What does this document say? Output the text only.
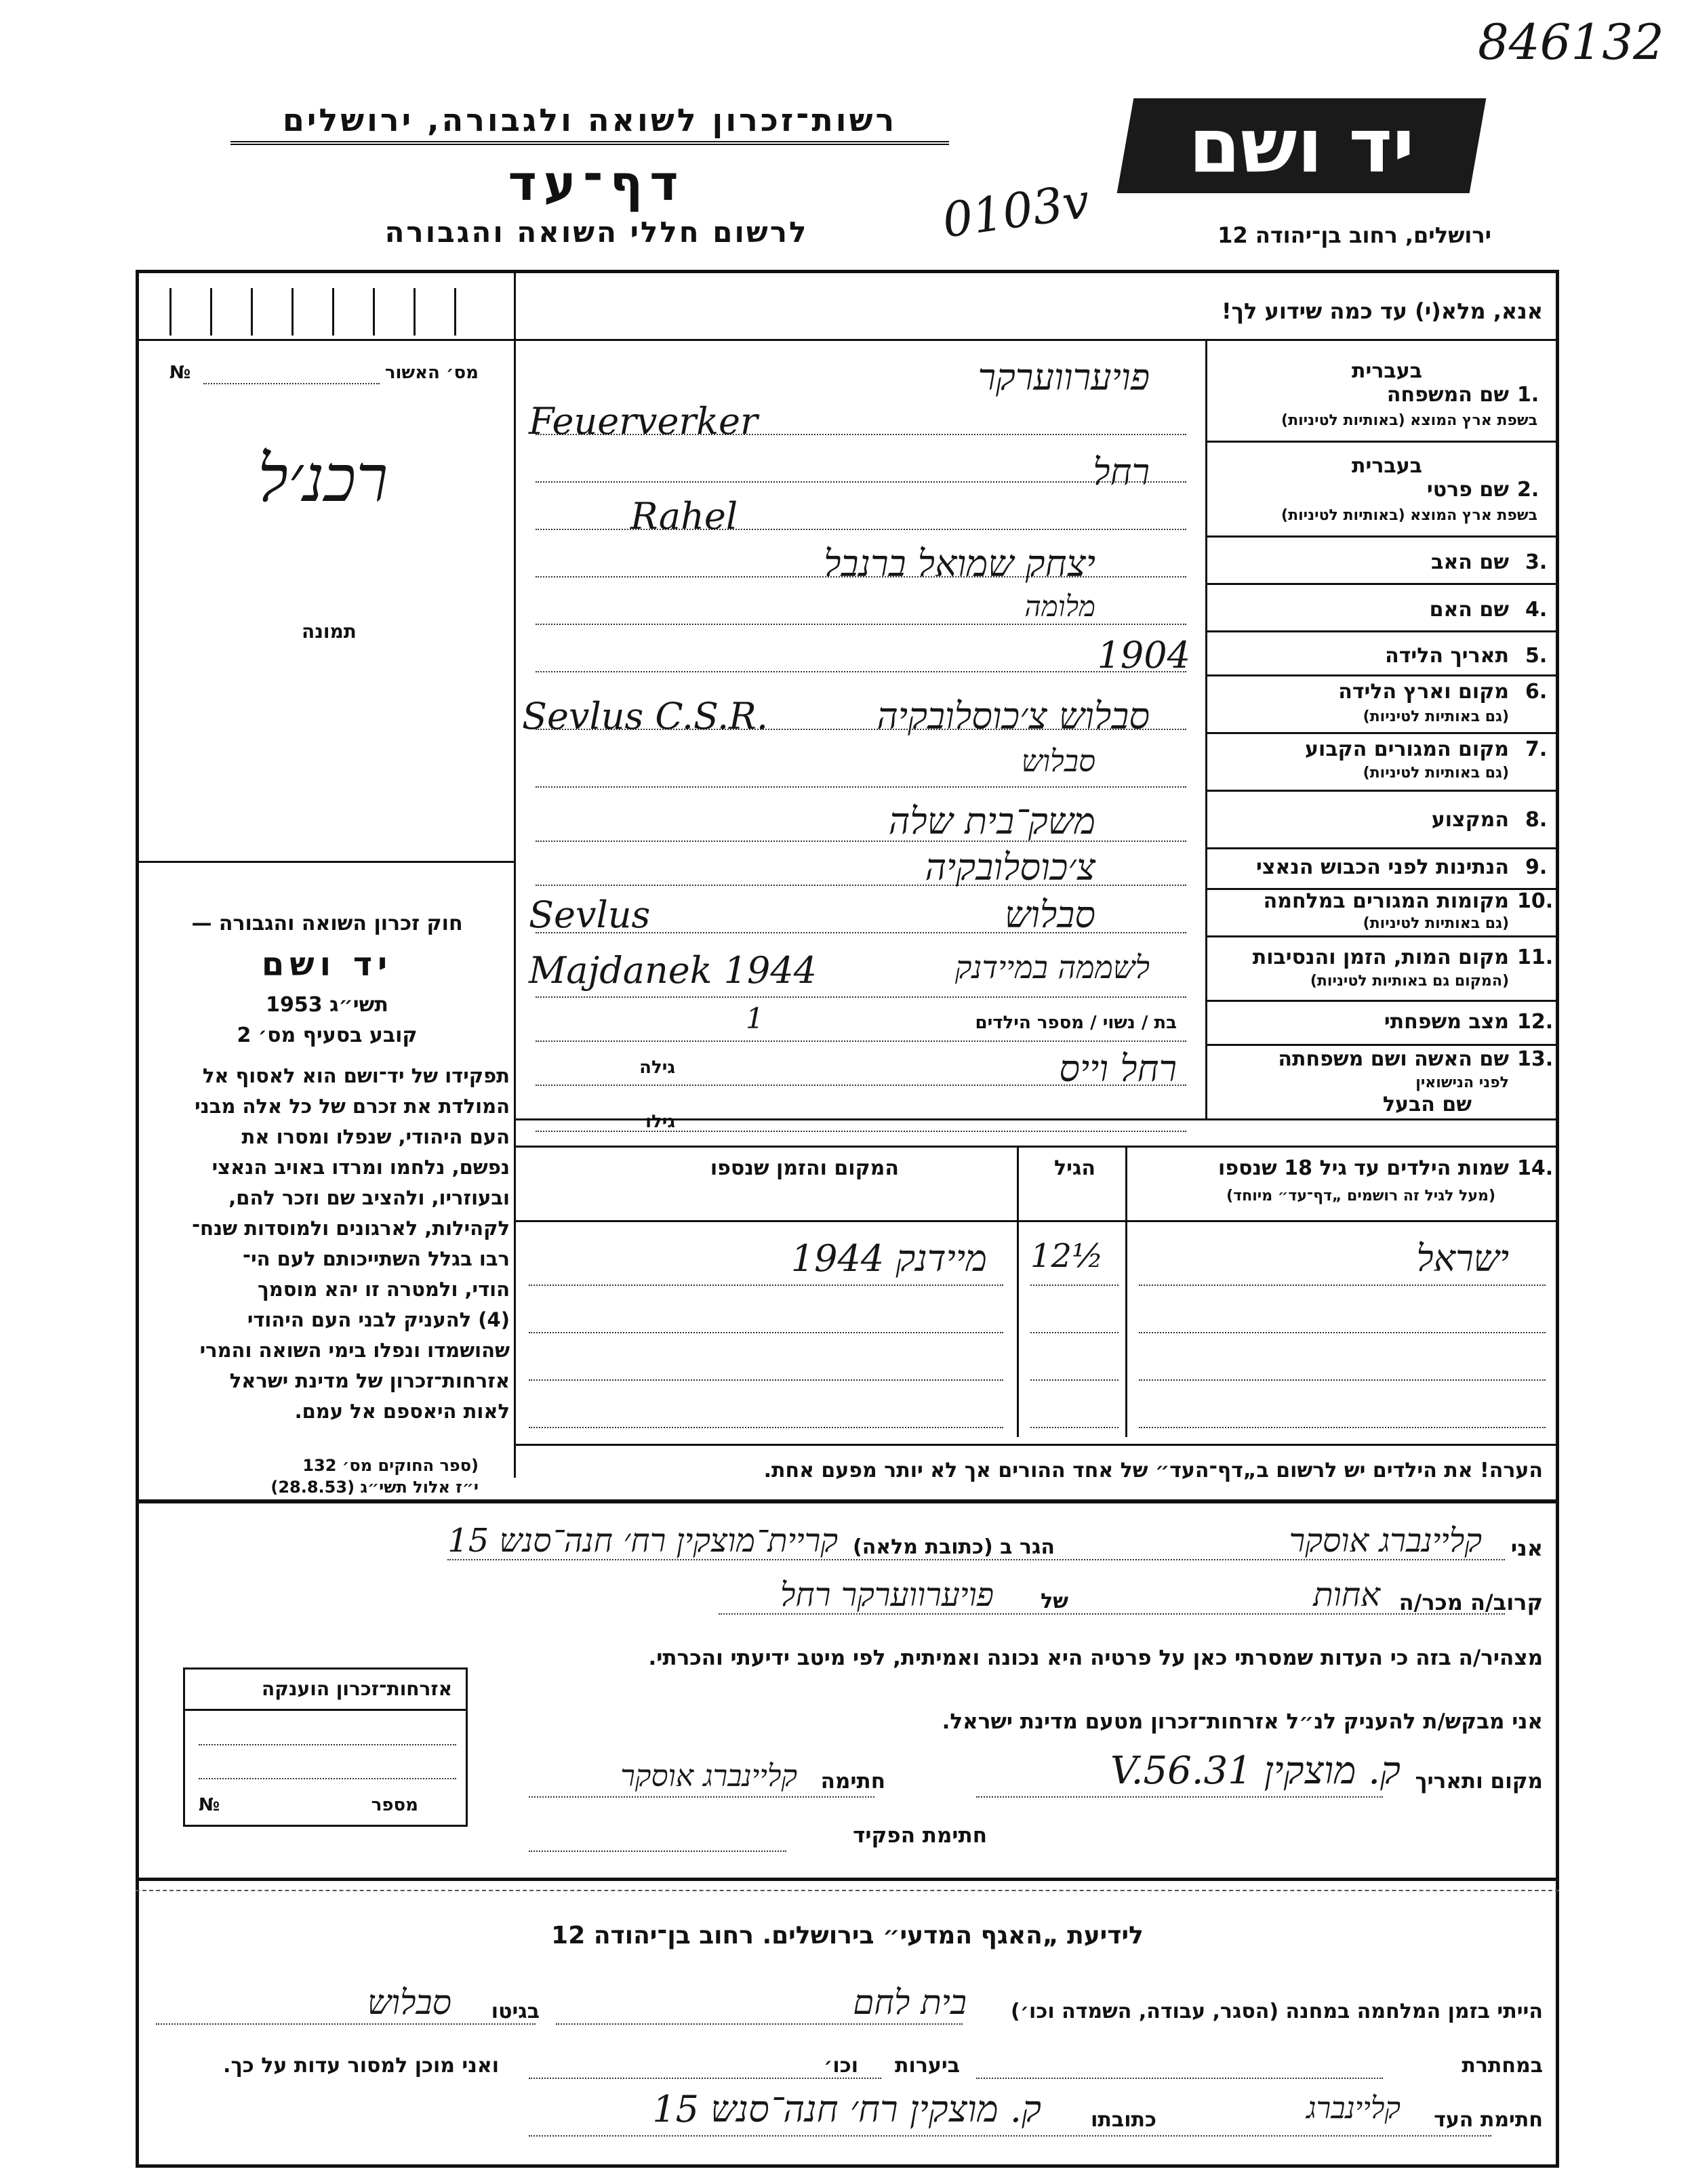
846132
רשות־זכרון לשואה ולגבורה, ירושלים
דף־עד
לרשום חללי השואה והגבורה	0103v
יד ושם
ירושלים, רחוב בן־יהודה 12
אנא, מלא(י) עד כמה שידוע לך!
מס׳ האשור
№
רכנ׳ל
תמונה
חוק זכרון השואה והגבורה —
יד ושם
תשי״ג 1953
קובע בסעיף מס׳ 2
תפקידו של יד־ושם הוא לאסוף אל
המולדת את זכרם של כל אלה מבני
העם היהודי, שנפלו ומסרו את
נפשם, נלחמו ומרדו באויב הנאצי
ובעוזריו, ולהציב שם וזכר להם,
לקהילות, לארגונים ולמוסדות שנח־
רבו בגלל השתייכותם לעם הי־
הודי, ולמטרה זו יהא מוסמך
(4) להעניק לבני העם היהודי
שהושמדו ונפלו בימי השואה והמרי
אזרחות־זכרון של מדינת ישראל
לאות היאספם אל עמם.
(ספר החוקים מס׳ 132
י״ז אלול תשי״ג (28.8.53)
1.
שם המשפחה
בשפת ארץ המוצא (באותיות לטיניות)
בעברית
פויערווערקר
Feuerverker
2.
שם פרטי
בשפת ארץ המוצא (באותיות לטיניות)
בעברית
רחל
Rahel
3.
שם האב
יצחק שמואל ברנבל
4.
שם האם
מלומה
5.
תאריך הלידה
1904
6.
מקום וארץ הלידה
(גם באותיות לטיניות)
סבלוש צ׳כוסלובקיה
Sevlus C.S.R.
7.
מקום המגורים הקבוע
(גם באותיות לטיניות)
סבלוש
8.
המקצוע
משק־בית שלה
9.
הנתינות לפני הכבוש הנאצי
צ׳כוסלובקיה
10.
מקומות המגורים במלחמה
(גם באותיות לטיניות)
סבלוש
Sevlus
11.
מקום המות, הזמן והנסיבות
(המקום גם באותיות לטיניות)
לשממה במיידנק
Majdanek 1944
12.
מצב משפחתי
בת / נשוי / מספר הילדים
1
13.
שם האשה ושם משפחתה
לפני הנישואין
רחל וייס
גילה
שם הבעל
גילו
14.
שמות הילדים עד גיל 18 שנספו
(מעל לגיל זה רושמים „דף־עד״ מיוחד)
הגיל
המקום והזמן שנספו
ישראל
12½
מיידנק 1944
הערה! את הילדים יש לרשום ב„דף־העד״ של אחד ההורים אך לא יותר מפעם אחת.
אני
קליינברג אוסקר
הגר ב (כתובת מלאה)
קריית־מוצקין רח׳ חנה־סנש 15
קרוב/ה מכר/ה
אחות
של
פויערווערקר רחל
מצהיר/ה בזה כי העדות שמסרתי כאן על פרטיה היא נכונה ואמיתית, לפי מיטב ידיעתי והכרתי.
אני מבקש/ת להעניק לנ״ל אזרחות־זכרון מטעם מדינת ישראל.
מקום ותאריך
ק. מוצקין 31.V.56
חתימה
קליינברג אוסקר
חתימת הפקיד
אזרחות־זכרון הוענקה
מספר
№
לידיעת „האגף המדעי״ בירושלים. רחוב בן־יהודה 12
הייתי בזמן המלחמה במחנה (הסגר, עבודה, השמדה וכו׳)
בית לחם
בגיטו
סבלוש
במחתרת
ביערות
וכו׳
ואני מוכן למסור עדות על כך.
חתימת העד
קליינברג
כתובתו
ק. מוצקין רח׳ חנה־סנש 15
